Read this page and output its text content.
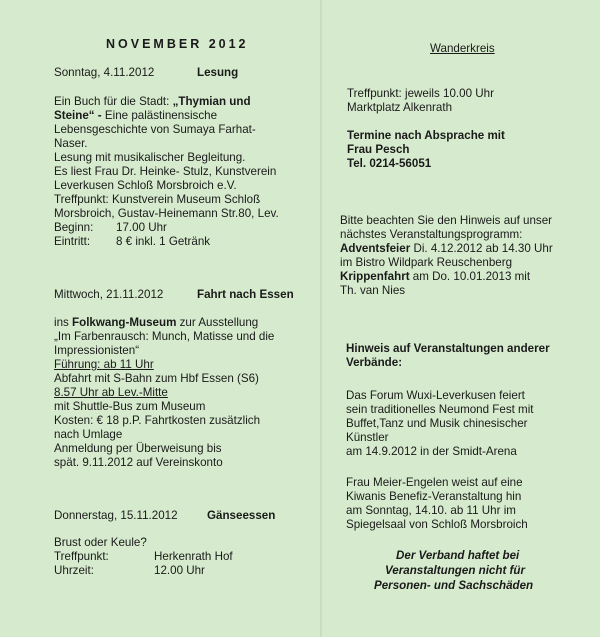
NOVEMBER 2012
Sonntag, 4.11.2012	Lesung
Ein Buch für die Stadt: „Thymian und
Steine“ - Eine palästinensische
Lebensgeschichte von Sumaya Farhat-
Naser.
Lesung mit musikalischer Begleitung.
Es liest Frau Dr. Heinke- Stulz, Kunstverein
Leverkusen Schloß Morsbroich e.V.
Treffpunkt: Kunstverein Museum Schloß
Morsbroich, Gustav-Heinemann Str.80, Lev.
Beginn: 17.00 Uhr
Eintritt: 8 € inkl. 1 Getränk
Mittwoch, 21.11.2012	Fahrt nach Essen
ins Folkwang-Museum zur Ausstellung
„Im Farbenrausch: Munch, Matisse und die
Impressionisten“
Führung: ab 11 Uhr
Abfahrt mit S-Bahn zum Hbf Essen (S6)
8.57 Uhr ab Lev.-Mitte
mit Shuttle-Bus zum Museum
Kosten: € 18 p.P. Fahrtkosten zusätzlich
nach Umlage
Anmeldung per Überweisung bis
spät. 9.11.2012 auf Vereinskonto
Donnerstag, 15.11.2012	Gänseessen
Brust oder Keule?
Treffpunkt:	Herkenrath Hof
Uhrzeit:	12.00 Uhr
Wanderkreis
Treffpunkt: jeweils 10.00 Uhr
Marktplatz Alkenrath
Termine nach Absprache mit
Frau Pesch
Tel. 0214-56051
Bitte beachten Sie den Hinweis auf unser
nächstes Veranstaltungsprogramm:
Adventsfeier Di. 4.12.2012 ab 14.30 Uhr
im Bistro Wildpark Reuschenberg
Krippenfahrt am Do. 10.01.2013 mit
Th. van Nies
Hinweis auf Veranstaltungen anderer
Verbände:
Das Forum Wuxi-Leverkusen feiert
sein traditionelles Neumond Fest mit
Buffet,Tanz und Musik chinesischer
Künstler
am 14.9.2012 in der Smidt-Arena
Frau Meier-Engelen weist auf eine
Kiwanis Benefiz-Veranstaltung hin
am Sonntag, 14.10. ab 11 Uhr im
Spiegelsaal von Schloß Morsbroich
Der Verband haftet bei
Veranstaltungen nicht für
Personen- und Sachschäden
